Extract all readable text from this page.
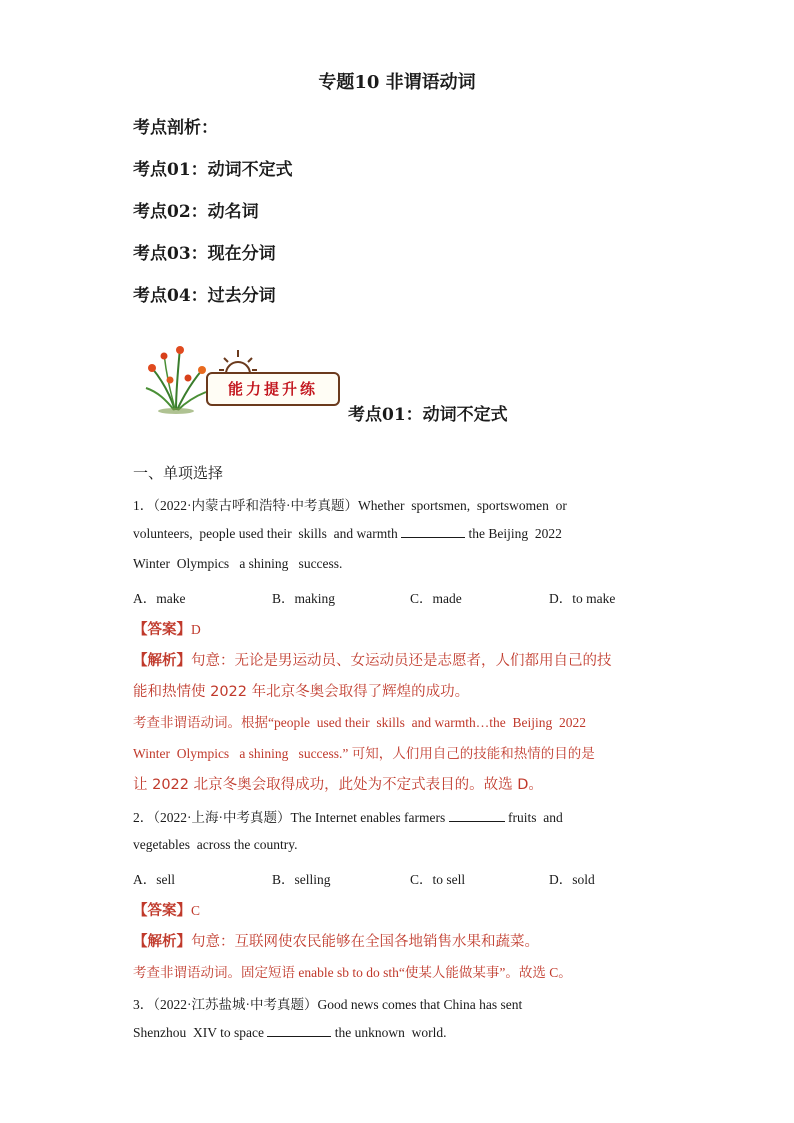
专题10 非谓语动词
考点剖析：
考点01：动词不定式
考点02：动名词
考点03：现在分词
考点04：过去分词
能力提升练
考点01：动词不定式
一、单项选择
1．（2022·内蒙古呼和浩特·中考真题）Whether  sportsmen,  sportswomen  or
volunteers,  people used their  skills  and warmth	the Beijing  2022
Winter  Olympics   a shining   success.
A．make	B．making	C．made	D．to make
【答案】D
【解析】句意：无论是男运动员、女运动员还是志愿者，人们都用自己的技
能和热情使 2022 年北京冬奥会取得了辉煌的成功。
考查非谓语动词。根据“people  used their  skills  and warmth…the  Beijing  2022
Winter  Olympics   a shining   success.” 可知，人们用自己的技能和热情的目的是
让 2022 北京冬奥会取得成功，此处为不定式表目的。故选 D。
2．（2022·上海·中考真题）The Internet enables farmers	fruits  and
vegetables  across the country.
A．sell	B．selling	C．to sell	D．sold
【答案】C
【解析】句意：互联网使农民能够在全国各地销售水果和蔬菜。
考查非谓语动词。固定短语 enable sb to do sth“使某人能做某事”。故选 C。
3．（2022·江苏盐城·中考真题）Good news comes that China has sent
Shenzhou  XIV to space	the unknown  world.
